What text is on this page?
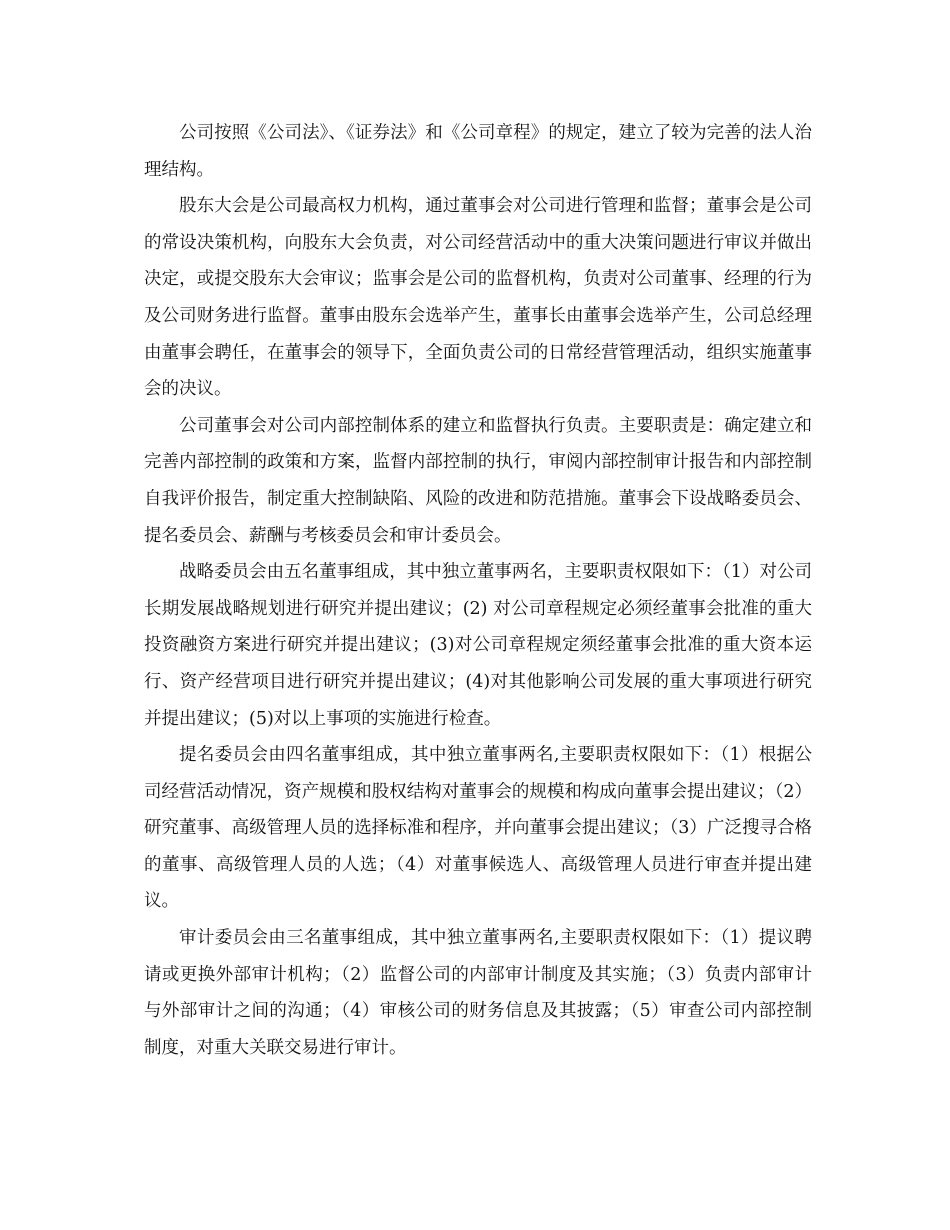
公司按照《公司法》、《证券法》和《公司章程》的规定，建立了较为完善的法人治理结构。

股东大会是公司最高权力机构，通过董事会对公司进行管理和监督；董事会是公司的常设决策机构，向股东大会负责，对公司经营活动中的重大决策问题进行审议并做出决定，或提交股东大会审议；监事会是公司的监督机构，负责对公司董事、经理的行为及公司财务进行监督。董事由股东会选举产生，董事长由董事会选举产生，公司总经理由董事会聘任，在董事会的领导下，全面负责公司的日常经营管理活动，组织实施董事会的决议。

公司董事会对公司内部控制体系的建立和监督执行负责。主要职责是：确定建立和完善内部控制的政策和方案，监督内部控制的执行，审阅内部控制审计报告和内部控制自我评价报告，制定重大控制缺陷、风险的改进和防范措施。董事会下设战略委员会、提名委员会、薪酬与考核委员会和审计委员会。

战略委员会由五名董事组成，其中独立董事两名，主要职责权限如下：（1）对公司长期发展战略规划进行研究并提出建议；(2) 对公司章程规定必须经董事会批准的重大投资融资方案进行研究并提出建议；(3)对公司章程规定须经董事会批准的重大资本运行、资产经营项目进行研究并提出建议；(4)对其他影响公司发展的重大事项进行研究并提出建议；(5)对以上事项的实施进行检查。

提名委员会由四名董事组成，其中独立董事两名,主要职责权限如下：（1）根据公司经营活动情况，资产规模和股权结构对董事会的规模和构成向董事会提出建议；（2）研究董事、高级管理人员的选择标准和程序，并向董事会提出建议；（3）广泛搜寻合格的董事、高级管理人员的人选；（4）对董事候选人、高级管理人员进行审查并提出建议。

审计委员会由三名董事组成，其中独立董事两名,主要职责权限如下：（1）提议聘请或更换外部审计机构；（2）监督公司的内部审计制度及其实施；（3）负责内部审计与外部审计之间的沟通；（4）审核公司的财务信息及其披露；（5）审查公司内部控制制度，对重大关联交易进行审计。
